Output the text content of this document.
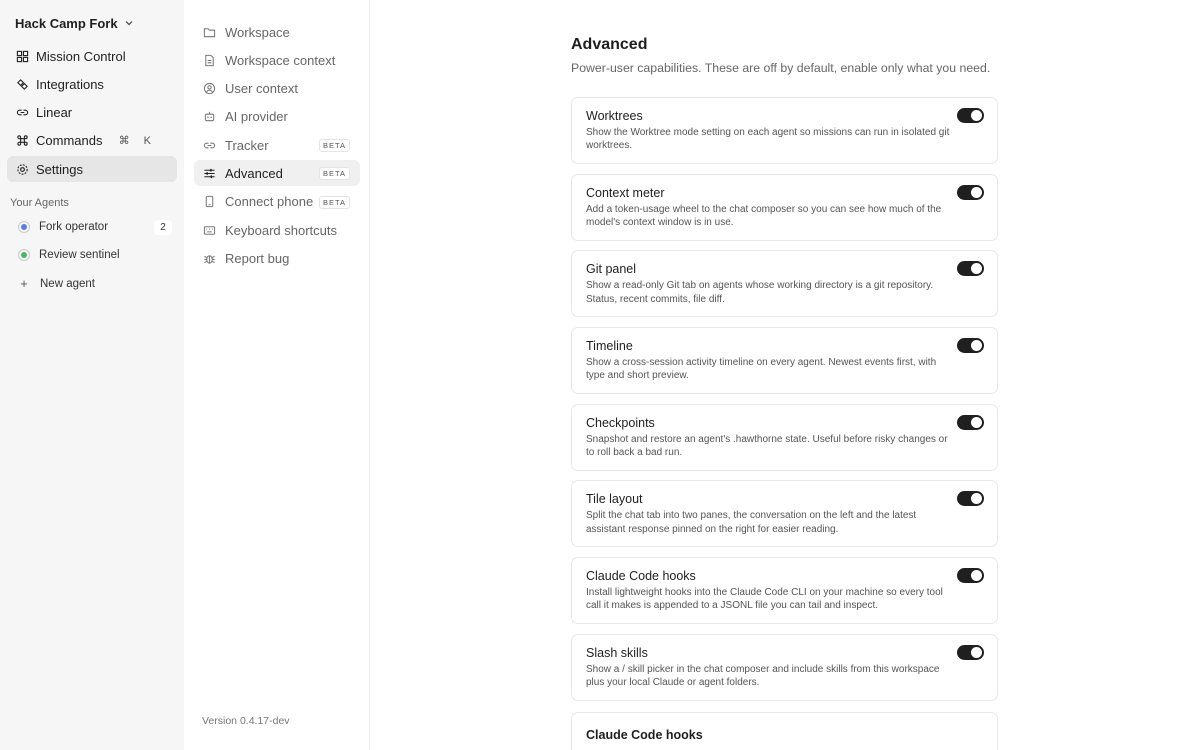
Hack Camp Fork
Mission Control
Integrations
Linear
Commands ⌘K
Settings
Your Agents
Fork operator	2
Review sentinel
+ New agent
Workspace
Workspace context
User context
AI provider
Tracker	BETA
Advanced	BETA
Connect phone	BETA
Keyboard shortcuts
Report bug
Version 0.4.17-dev
Advanced
Power-user capabilities. These are off by default, enable only what you need.
Worktrees
Show the Worktree mode setting on each agent so missions can run in isolated git worktrees.
Context meter
Add a token-usage wheel to the chat composer so you can see how much of the model's context window is in use.
Git panel
Show a read-only Git tab on agents whose working directory is a git repository. Status, recent commits, file diff.
Timeline
Show a cross-session activity timeline on every agent. Newest events first, with type and short preview.
Checkpoints
Snapshot and restore an agent's .hawthorne state. Useful before risky changes or to roll back a bad run.
Tile layout
Split the chat tab into two panes, the conversation on the left and the latest assistant response pinned on the right for easier reading.
Claude Code hooks
Install lightweight hooks into the Claude Code CLI on your machine so every tool call it makes is appended to a JSONL file you can tail and inspect.
Slash skills
Show a / skill picker in the chat composer and include skills from this workspace plus your local Claude or agent folders.
Claude Code hooks
